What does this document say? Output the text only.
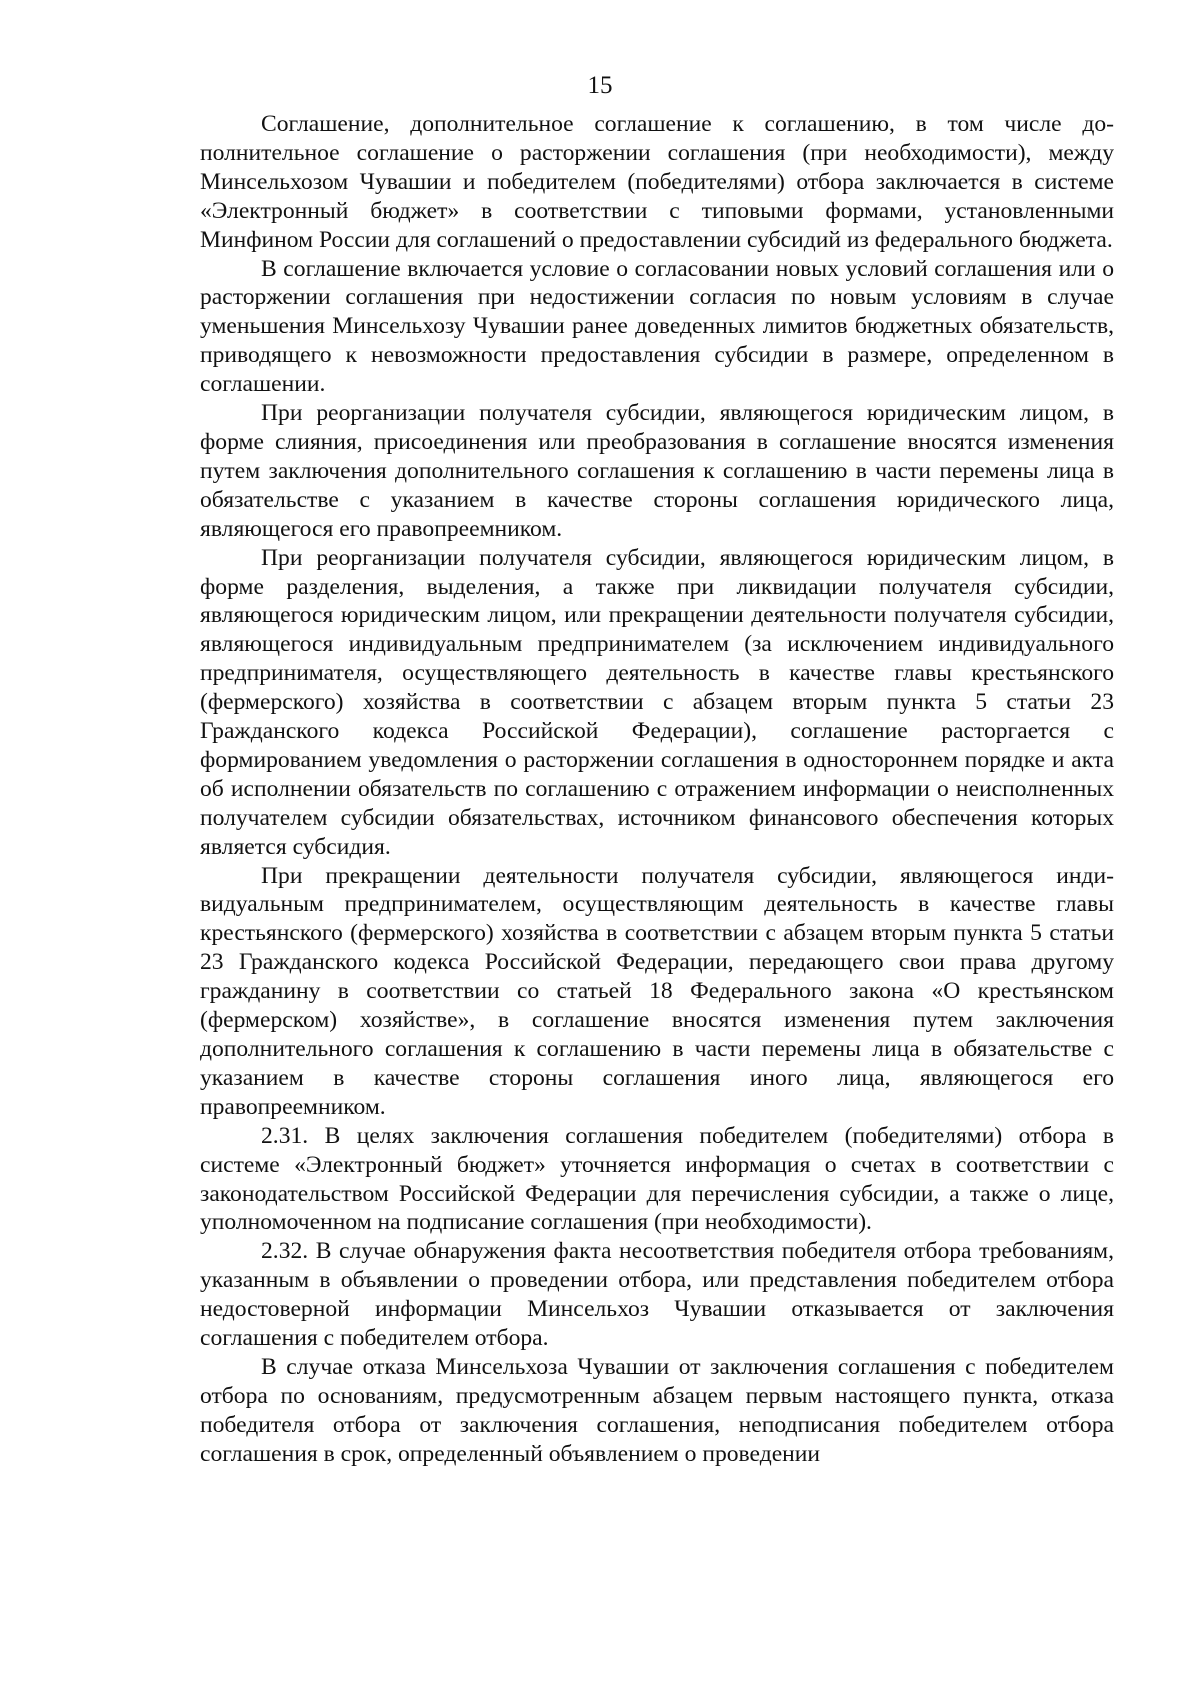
15

Соглашение, дополнительное соглашение к соглашению, в том числе дополнительное соглашение о расторжении соглашения (при необходимости), между Минсельхозом Чувашии и победителем (победителями) отбора заключается в системе «Электронный бюджет» в соответствии с типовыми формами, установленными Минфином России для соглашений о предоставлении субсидий из федерального бюджета.

В соглашение включается условие о согласовании новых условий соглашения или о расторжении соглашения при недостижении согласия по новым условиям в случае уменьшения Минсельхозу Чувашии ранее доведенных лимитов бюджетных обязательств, приводящего к невозможности предоставления субсидии в размере, определенном в соглашении.

При реорганизации получателя субсидии, являющегося юридическим лицом, в форме слияния, присоединения или преобразования в соглашение вносятся изменения путем заключения дополнительного соглашения к соглашению в части перемены лица в обязательстве с указанием в качестве стороны соглашения юридического лица, являющегося его правопреемником.

При реорганизации получателя субсидии, являющегося юридическим лицом, в форме разделения, выделения, а также при ликвидации получателя субсидии, являющегося юридическим лицом, или прекращении деятельности получателя субсидии, являющегося индивидуальным предпринимателем (за исключением индивидуального предпринимателя, осуществляющего деятельность в качестве главы крестьянского (фермерского) хозяйства в соответствии с абзацем вторым пункта 5 статьи 23 Гражданского кодекса Российской Федерации), соглашение расторгается с формированием уведомления о расторжении соглашения в одностороннем порядке и акта об исполнении обязательств по соглашению с отражением информации о неисполненных получателем субсидии обязательствах, источником финансового обеспечения которых является субсидия.

При прекращении деятельности получателя субсидии, являющегося индивидуальным предпринимателем, осуществляющим деятельность в качестве главы крестьянского (фермерского) хозяйства в соответствии с абзацем вторым пункта 5 статьи 23 Гражданского кодекса Российской Федерации, передающего свои права другому гражданину в соответствии со статьей 18 Федерального закона «О крестьянском (фермерском) хозяйстве», в соглашение вносятся изменения путем заключения дополнительного соглашения к соглашению в части перемены лица в обязательстве с указанием в качестве стороны соглашения иного лица, являющегося его правопреемником.

2.31. В целях заключения соглашения победителем (победителями) отбора в системе «Электронный бюджет» уточняется информация о счетах в соответствии с законодательством Российской Федерации для перечисления субсидии, а также о лице, уполномоченном на подписание соглашения (при необходимости).

2.32. В случае обнаружения факта несоответствия победителя отбора требованиям, указанным в объявлении о проведении отбора, или представления победителем отбора недостоверной информации Минсельхоз Чувашии отказывается от заключения соглашения с победителем отбора.

В случае отказа Минсельхоза Чувашии от заключения соглашения с победителем отбора по основаниям, предусмотренным абзацем первым настоящего пункта, отказа победителя отбора от заключения соглашения, неподписания победителем отбора соглашения в срок, определенный объявлением о проведении
